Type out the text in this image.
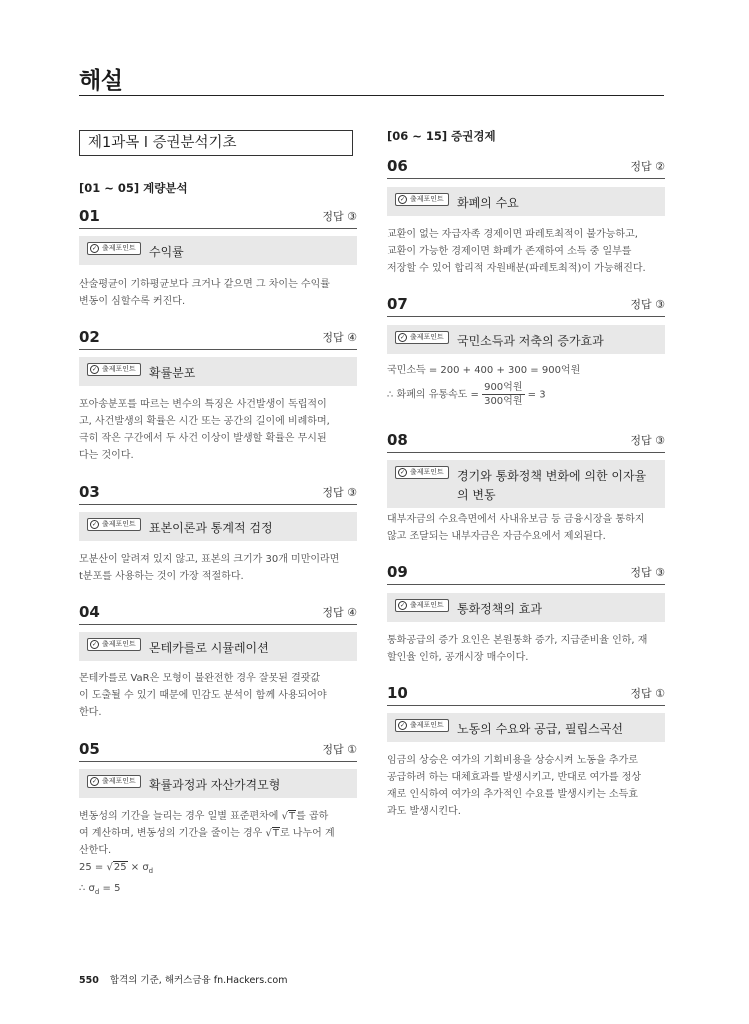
해설
제1과목 l 증권분석기초
[01 ~ 05] 계량분석
01	정답 ③
✓ 출제포인트	수익률
산술평균이 기하평균보다 크거나 같으면 그 차이는 수익률
변동이 심할수록 커진다.
02	정답 ④
✓ 출제포인트	확률분포
포아송분포를 따르는 변수의 특징은 사건발생이 독립적이
고, 사건발생의 확률은 시간 또는 공간의 길이에 비례하며,
극히 작은 구간에서 두 사건 이상이 발생할 확률은 무시된
다는 것이다.
03	정답 ③
✓ 출제포인트	표본이론과 통계적 검정
모분산이 알려져 있지 않고, 표본의 크기가 30개 미만이라면
t분포를 사용하는 것이 가장 적절하다.
04	정답 ④
✓ 출제포인트	몬테카를로 시뮬레이션
몬테카를로 VaR은 모형이 불완전한 경우 잘못된 결괏값
이 도출될 수 있기 때문에 민감도 분석이 함께 사용되어야
한다.
05	정답 ①
✓ 출제포인트	확률과정과 자산가격모형
변동성의 기간을 늘리는 경우 일별 표준편차에 √T를 곱하
여 계산하며, 변동성의 기간을 줄이는 경우 √T로 나누어 계
산한다.
$25 = √25 \times \sigma_d$
∴ $\sigma_d = 5$
[06 ~ 15] 증권경제
06	정답 ②
✓ 출제포인트	화폐의 수요
교환이 없는 자급자족 경제이면 파레토최적이 불가능하고,
교환이 가능한 경제이면 화폐가 존재하여 소득 중 일부를
저장할 수 있어 합리적 자원배분(파레토최적)이 가능해진다.
07	정답 ③
✓ 출제포인트	국민소득과 저축의 증가효과
국민소득 = 200 + 400 + 300 = 900억원
∴ 화폐의 유통속도 = $\frac{\text{900억원}}{\text{300억원}} = 3$
08	정답 ③
✓ 출제포인트	경기와 통화정책 변화에 의한 이자율의 변동
대부자금의 수요측면에서 사내유보금 등 금융시장을 통하지
않고 조달되는 내부자금은 자금수요에서 제외된다.
09	정답 ③
✓ 출제포인트	통화정책의 효과
통화공급의 증가 요인은 본원통화 증가, 지급준비율 인하, 재
할인율 인하, 공개시장 매수이다.
10	정답 ①
✓ 출제포인트	노동의 수요와 공급, 필립스곡선
임금의 상승은 여가의 기회비용을 상승시켜 노동을 추가로
공급하려 하는 대체효과를 발생시키고, 반대로 여가를 정상
재로 인식하여 여가의 추가적인 수요를 발생시키는 소득효
과도 발생시킨다.
550 합격의 기준, 해커스금융 fn.Hackers.com
